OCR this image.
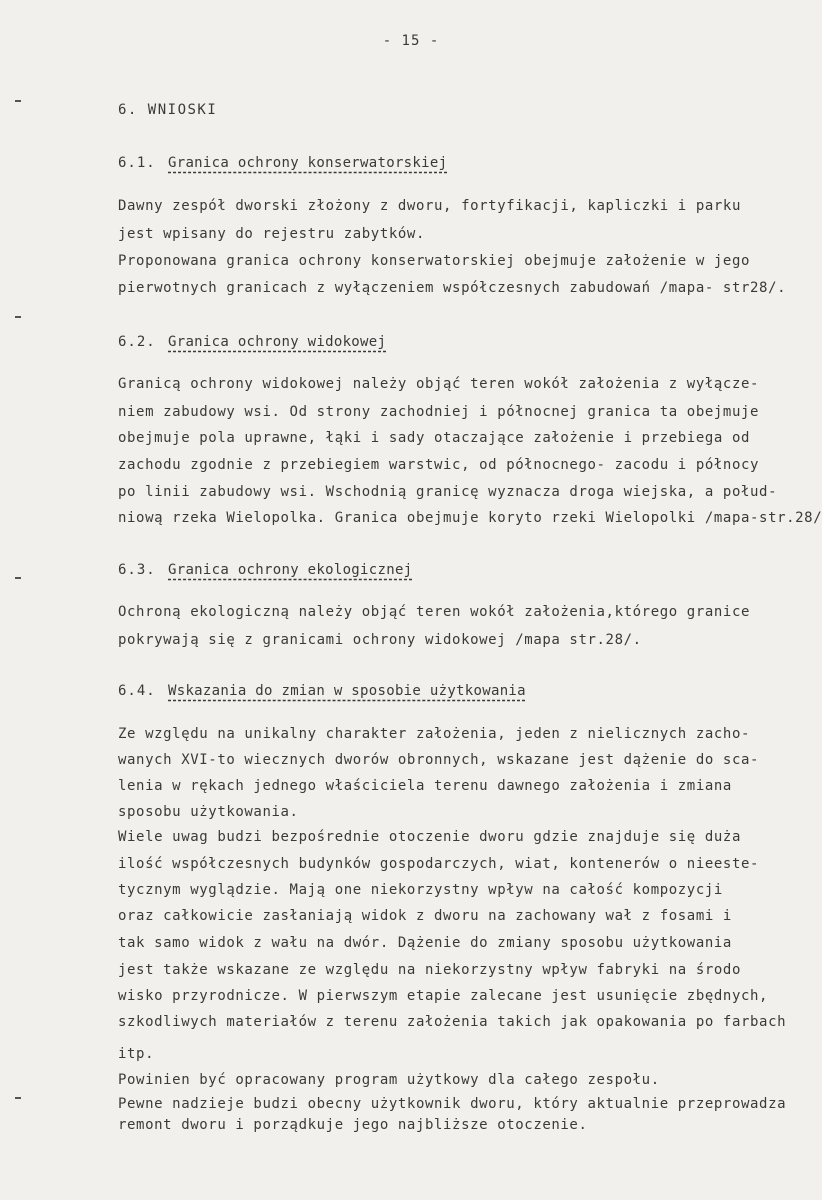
- 15 -
6. WNIOSKI
6.1. Granica ochrony konserwatorskiej
Dawny zespół dworski złożony z dworu, fortyfikacji, kapliczki i parku
jest wpisany do rejestru zabytków.
Proponowana granica ochrony konserwatorskiej obejmuje założenie w jego
pierwotnych granicach z wyłączeniem współczesnych zabudowań /mapa- str28/.
6.2. Granica ochrony widokowej
Granicą ochrony widokowej należy objąć teren wokół założenia z wyłącze-
niem zabudowy wsi. Od strony zachodniej i północnej granica ta obejmuje
obejmuje pola uprawne, łąki i sady otaczające założenie i przebiega od
zachodu zgodnie z przebiegiem warstwic, od północnego- zacodu i północy
po linii zabudowy wsi. Wschodnią granicę wyznacza droga wiejska, a połud-
niową rzeka Wielopolka. Granica obejmuje koryto rzeki Wielopolki /mapa-str.28/
6.3. Granica ochrony ekologicznej
Ochroną ekologiczną należy objąć teren wokół założenia,którego granice
pokrywają się z granicami ochrony widokowej /mapa str.28/.
6.4. Wskazania do zmian w sposobie użytkowania
Ze względu na unikalny charakter założenia, jeden z nielicznych zacho-
wanych XVI-to wiecznych dworów obronnych, wskazane jest dążenie do sca-
lenia w rękach jednego właściciela terenu dawnego założenia i zmiana
sposobu użytkowania.
Wiele uwag budzi bezpośrednie otoczenie dworu gdzie znajduje się duża
ilość współczesnych budynków gospodarczych, wiat, kontenerów o nieeste-
tycznym wyglądzie. Mają one niekorzystny wpływ na całość kompozycji
oraz całkowicie zasłaniają widok z dworu na zachowany wał z fosami i
tak samo widok z wału na dwór. Dążenie do zmiany sposobu użytkowania
jest także wskazane ze względu na niekorzystny wpływ fabryki na środo
wisko przyrodnicze. W pierwszym etapie zalecane jest usunięcie zbędnych,
szkodliwych materiałów z terenu założenia takich jak opakowania po farbach
itp.
Powinien być opracowany program użytkowy dla całego zespołu.
Pewne nadzieje budzi obecny użytkownik dworu, który aktualnie przeprowadza
remont dworu i porządkuje jego najbliższe otoczenie.
